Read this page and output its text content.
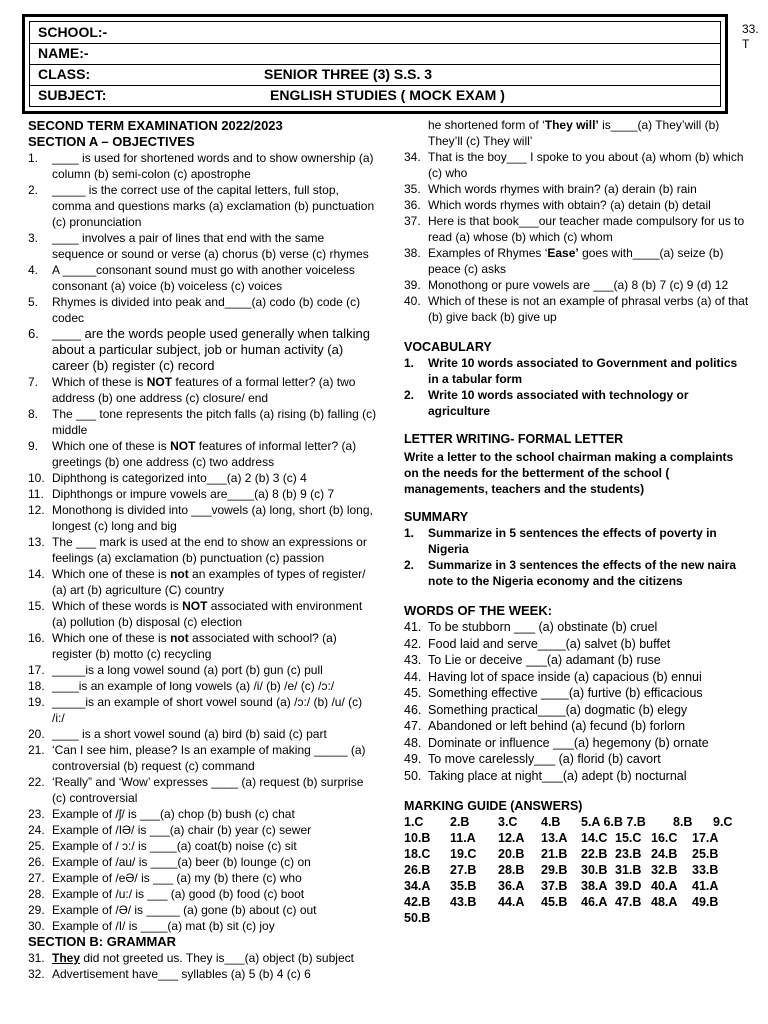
SCHOOL:-
NAME:-
CLASS:	SENIOR THREE (3) S.S. 3
SUBJECT:	ENGLISH STUDIES ( MOCK EXAM )
33.
T
SECOND TERM EXAMINATION 2022/2023
SECTION A – OBJECTIVES
1.	____ is used for shortened words and to show ownership (a) column (b) semi-colon (c) apostrophe
2.	_____ is the correct use of the capital letters, full stop, comma and questions marks (a) exclamation (b) punctuation (c) pronunciation
3.	____ involves a pair of lines that end with the same sequence or sound or verse (a) chorus (b) verse (c) rhymes
4.	A _____consonant sound must go with another voiceless consonant (a) voice (b) voiceless (c) voices
5.	Rhymes is divided into peak and____(a) codo (b) code (c) codec
6.	____ are the words people used generally when talking about a particular subject, job or human activity (a) career (b) register (c) record
7.	Which of these is NOT features of a formal letter? (a) two address (b) one address (c) closure/ end
8.	The ___ tone represents the pitch falls (a) rising (b) falling (c) middle
9.	Which one of these is NOT features of informal letter? (a) greetings (b) one address (c) two address
10. Diphthong is categorized into___(a) 2 (b) 3 (c) 4
11. Diphthongs or impure vowels are____(a) 8 (b) 9 (c) 7
12. Monothong is divided into ___vowels (a) long, short (b) long, longest (c) long and big
13. The ___ mark is used at the end to show an expressions or feelings (a) exclamation (b) punctuation (c) passion
14. Which one of these is not an examples of types of register/ (a) art (b) agriculture (C) country
15. Which of these words is NOT associated with environment (a) pollution (b) disposal (c) election
16. Which one of these is not associated with school? (a) register (b) motto (c) recycling
17. _____is a long vowel sound (a) port (b) gun (c) pull
18. ____is an example of long vowels (a) /i/ (b) /e/ (c) /ɔ:/
19. _____is an example of short vowel sound (a) /ɔ:/ (b) /u/ (c) /i:/
20. ____ is a short vowel sound (a) bird (b) said (c) part
21. ‘Can I see him, please? Is an example of making _____ (a) controversial (b) request (c) command
22. ‘Really” and ‘Wow’ expresses ____ (a) request (b) surprise (c) controversial
23. Example of /ʃ/ is ___(a) chop (b) bush (c) chat
24. Example of /IƏ/ is ___(a) chair (b) year (c) sewer
25. Example of / ɔ:/ is ____(a) coat(b) noise (c) sit
26. Example of /au/ is ____(a) beer (b) lounge (c) on
27. Example of /eƏ/ is ___ (a) my (b) there (c) who
28. Example of /u:/ is ___ (a) good (b) food (c) boot
29. Example of /Ə/ is _____ (a) gone (b) about (c) out
30. Example of /I/ is ____(a) mat (b) sit (c) joy
SECTION B: GRAMMAR
31. They did not greeted us. They is___(a) object (b) subject
32. Advertisement have___ syllables (a) 5 (b) 4 (c) 6
he shortened form of ‘They will’ is____(a) They’will (b) They’ll (c) They will’
34. That is the boy___ I spoke to you about (a) whom (b) which (c) who
35. Which words rhymes with brain? (a) derain (b) rain
36. Which words rhymes with obtain? (a) detain (b) detail
37. Here is that book___our teacher made compulsory for us to read (a) whose (b) which (c) whom
38. Examples of Rhymes ‘Ease’ goes with____(a) seize (b) peace (c) asks
39. Monothong or pure vowels are ___(a) 8 (b) 7 (c) 9 (d) 12
40. Which of these is not an example of phrasal verbs (a) of that (b) give back (b) give up
VOCABULARY
1.	Write 10 words associated to Government and politics in a tabular form
2.	Write 10 words associated with technology or agriculture
LETTER WRITING- FORMAL LETTER
Write a letter to the school chairman making a complaints on the needs for the betterment of the school ( managements, teachers and the students)
SUMMARY
1.	Summarize in 5 sentences the effects of poverty in Nigeria
2.	Summarize in 3 sentences the effects of the new naira note to the Nigeria economy and the citizens
WORDS OF THE WEEK:
41. To be stubborn ___ (a) obstinate (b) cruel
42. Food laid and serve____(a) salvet (b) buffet
43. To Lie or deceive ___(a) adamant (b) ruse
44. Having lot of space inside (a) capacious (b) ennui
45. Something effective ____(a) furtive (b) efficacious
46. Something practical____(a) dogmatic (b) elegy
47. Abandoned or left behind (a) fecund (b) forlorn
48. Dominate or influence ___(a) hegemony (b) ornate
49. To move carelessly___ (a) florid (b) cavort
50. Taking place at night___(a) adept (b) nocturnal
MARKING GUIDE (ANSWERS)
1.C	2.B	3.C	4.B	5.A 6.B 7.B	8.B	9.C
10.B	11.A	12.A	13.A	14.C 15.C 16.C	17.A
18.C	19.C	20.B	21.B	22.B 23.B 24.B	25.B
26.B	27.B	28.B	29.B	30.B 31.B 32.B	33.B
34.A	35.B	36.A	37.B	38.A 39.D 40.A	41.A
42.B	43.B	44.A	45.B	46.A 47.B 48.A	49.B
50.B
